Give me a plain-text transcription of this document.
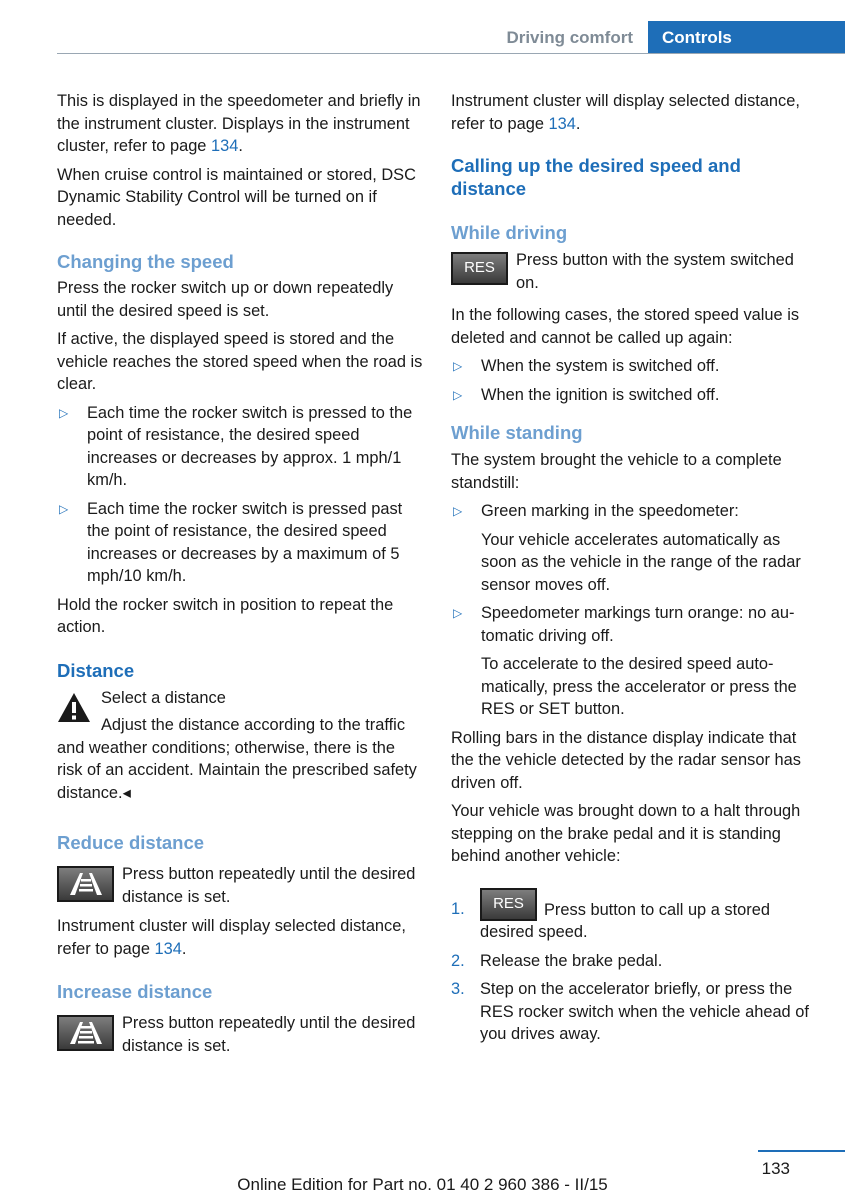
Driving comfort	Controls

This is displayed in the speedometer and briefly in the instrument cluster. Displays in the instrument cluster, refer to page 134.

When cruise control is maintained or stored, DSC Dynamic Stability Control will be turned on if needed.

Changing the speed

Press the rocker switch up or down repeatedly until the desired speed is set.

If active, the displayed speed is stored and the vehicle reaches the stored speed when the road is clear.

▷ Each time the rocker switch is pressed to the point of resistance, the desired speed increases or decreases by approx. 1 mph/1 km/h.
▷ Each time the rocker switch is pressed past the point of resistance, the desired speed increases or decreases by a maximum of 5 mph/10 km/h.

Hold the rocker switch in position to repeat the action.

Distance

Select a distance

Adjust the distance according to the traffic and weather conditions; otherwise, there is the risk of an accident. Maintain the prescribed safety distance.◂

Reduce distance
Press button repeatedly until the desired distance is set.

Instrument cluster will display selected distance, refer to page 134.

Increase distance
Press button repeatedly until the desired distance is set.

Instrument cluster will display selected distance, refer to page 134.

Calling up the desired speed and distance
While driving
RES	Press button with the system switched on.

In the following cases, the stored speed value is deleted and cannot be called up again:

▷ When the system is switched off.
▷ When the ignition is switched off.
While standing

The system brought the vehicle to a complete standstill:

▷ Green marking in the speedometer:
Your vehicle accelerates automatically as soon as the vehicle in the range of the radar sensor moves off.
▷ Speedometer markings turn orange: no automatic driving off.
To accelerate to the desired speed automatically, press the accelerator or press the RES or SET button.

Rolling bars in the distance display indicate that the the vehicle detected by the radar sensor has driven off.

Your vehicle was brought down to a halt through stepping on the brake pedal and it is standing behind another vehicle:

1.	RES	Press button to call up a stored desired speed.
2. Release the brake pedal.
3. Step on the accelerator briefly, or press the RES rocker switch when the vehicle ahead of you drives away.
133
Online Edition for Part no. 01 40 2 960 386 - II/15
